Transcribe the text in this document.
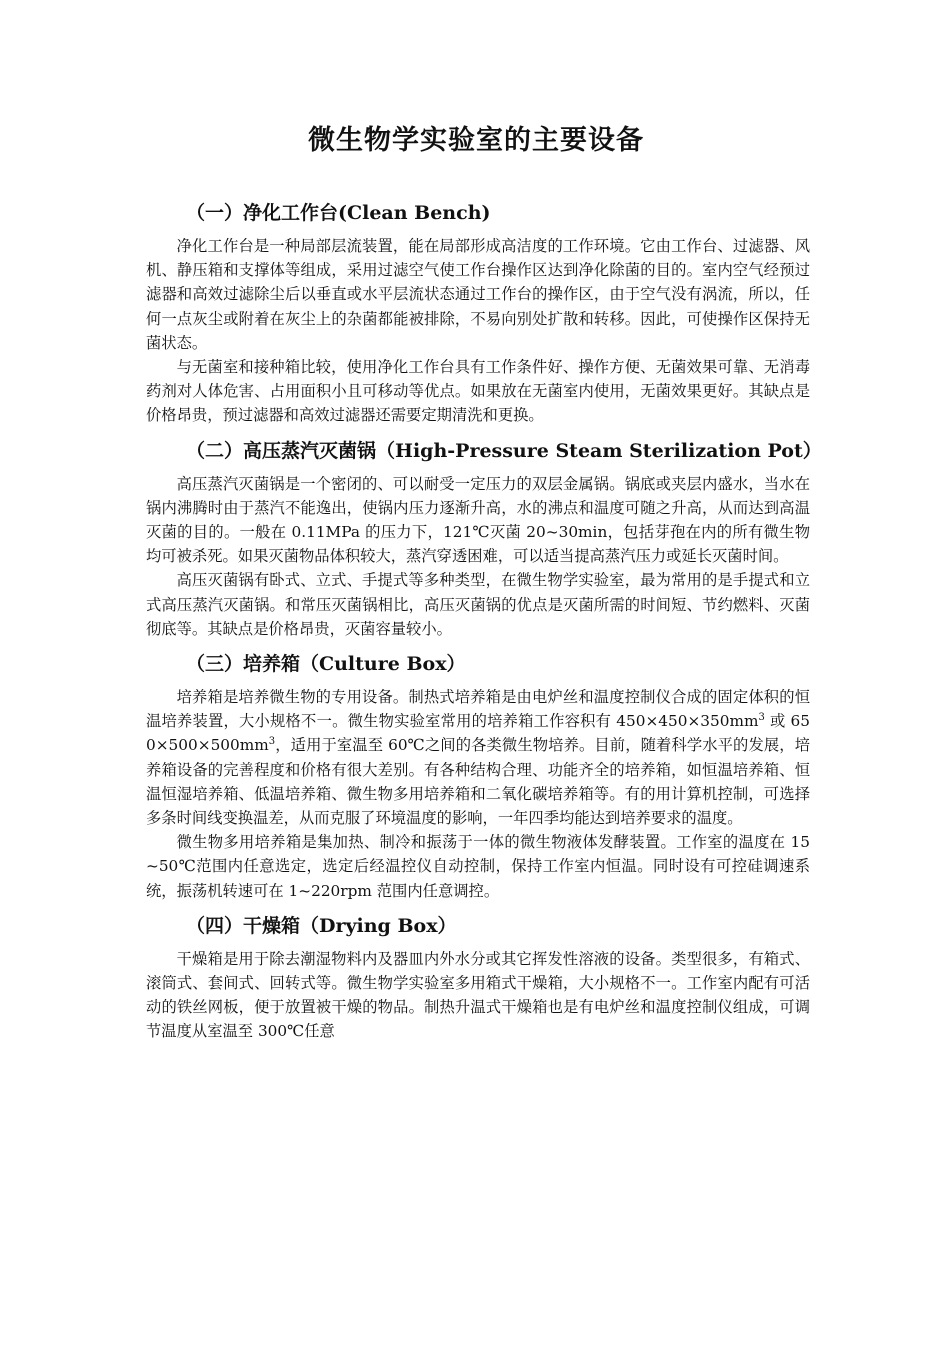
微生物学实验室的主要设备
（一）净化工作台(Clean Bench)

净化工作台是一种局部层流装置，能在局部形成高洁度的工作环境。它由工作台、过滤器、风机、静压箱和支撑体等组成，采用过滤空气使工作台操作区达到净化除菌的目的。室内空气经预过滤器和高效过滤除尘后以垂直或水平层流状态通过工作台的操作区，由于空气没有涡流，所以，任何一点灰尘或附着在灰尘上的杂菌都能被排除，不易向别处扩散和转移。因此，可使操作区保持无菌状态。

与无菌室和接种箱比较，使用净化工作台具有工作条件好、操作方便、无菌效果可靠、无消毒药剂对人体危害、占用面积小且可移动等优点。如果放在无菌室内使用，无菌效果更好。其缺点是价格昂贵，预过滤器和高效过滤器还需要定期清洗和更换。

（二）高压蒸汽灭菌锅（High-Pressure Steam Sterilization Pot）

高压蒸汽灭菌锅是一个密闭的、可以耐受一定压力的双层金属锅。锅底或夹层内盛水，当水在锅内沸腾时由于蒸汽不能逸出，使锅内压力逐渐升高，水的沸点和温度可随之升高，从而达到高温灭菌的目的。一般在 0.11MPa 的压力下，121℃灭菌 20~30min，包括芽孢在内的所有微生物均可被杀死。如果灭菌物品体积较大，蒸汽穿透困难，可以适当提高蒸汽压力或延长灭菌时间。

高压灭菌锅有卧式、立式、手提式等多种类型，在微生物学实验室，最为常用的是手提式和立式高压蒸汽灭菌锅。和常压灭菌锅相比，高压灭菌锅的优点是灭菌所需的时间短、节约燃料、灭菌彻底等。其缺点是价格昂贵，灭菌容量较小。

（三）培养箱（Culture Box）

培养箱是培养微生物的专用设备。制热式培养箱是由电炉丝和温度控制仪合成的固定体积的恒温培养装置，大小规格不一。微生物实验室常用的培养箱工作容积有 $450\times 450\times 350mm^3$ 或 $650\times 500\times 500mm^3$，适用于室温至 60℃之间的各类微生物培养。目前，随着科学水平的发展，培养箱设备的完善程度和价格有很大差别。有各种结构合理、功能齐全的培养箱，如恒温培养箱、恒温恒湿培养箱、低温培养箱、微生物多用培养箱和二氧化碳培养箱等。有的用计算机控制，可选择多条时间线变换温差，从而克服了环境温度的影响，一年四季均能达到培养要求的温度。

微生物多用培养箱是集加热、制冷和振荡于一体的微生物液体发酵装置。工作室的温度在 15~50℃范围内任意选定，选定后经温控仪自动控制，保持工作室内恒温。同时设有可控硅调速系统，振荡机转速可在 1~220rpm 范围内任意调控。

（四）干燥箱（Drying Box）

干燥箱是用于除去潮湿物料内及器皿内外水分或其它挥发性溶液的设备。类型很多，有箱式、滚筒式、套间式、回转式等。微生物学实验室多用箱式干燥箱，大小规格不一。工作室内配有可活动的铁丝网板，便于放置被干燥的物品。制热升温式干燥箱也是有电炉丝和温度控制仪组成，可调节温度从室温至 300℃任意
